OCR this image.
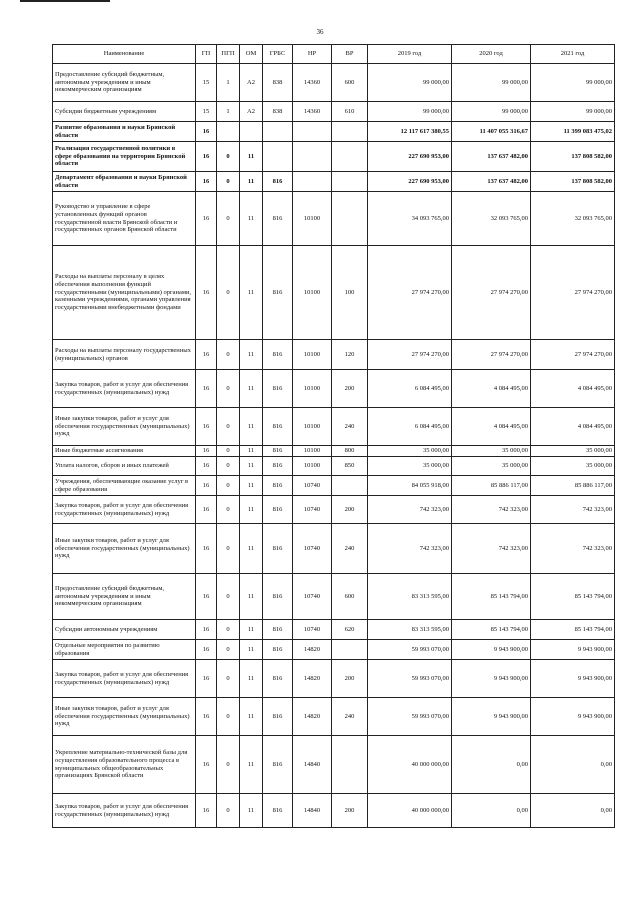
36
Наименование	ГП	ПГП	ОМ	ГРБС	НР	ВР	2019 год	2020 год	2021 год
Предоставление субсидий бюджетным, автономным учреждениям и иным некоммерческим организациям	15	1	А2	838	14360	600	99 000,00	99 000,00	99 000,00
Субсидии бюджетным учреждениям	15	1	А2	838	14360	610	99 000,00	99 000,00	99 000,00
Развитие образования и науки Брянской области	16						12 117 617 380,55	11 407 055 316,67	11 399 083 475,02
Реализация государственной политики в сфере образования на территории Брянской области	16	0	11				227 690 953,00	137 637 482,00	137 808 582,00
Департамент образования и науки Брянской области	16	0	11	816			227 690 953,00	137 637 482,00	137 808 582,00
Руководство и управление в сфере установленных функций органов государственной власти Брянской области и государственных органов Брянской области	16	0	11	816	10100		34 093 765,00	32 093 765,00	32 093 765,00
Расходы на выплаты персоналу в целях обеспечения выполнения функций государственными (муниципальными) органами, казенными учреждениями, органами управления государственными внебюджетными фондами	16	0	11	816	10100	100	27 974 270,00	27 974 270,00	27 974 270,00
Расходы на выплаты персоналу государственных (муниципальных) органов	16	0	11	816	10100	120	27 974 270,00	27 974 270,00	27 974 270,00
Закупка товаров, работ и услуг для обеспечения государственных (муниципальных) нужд	16	0	11	816	10100	200	6 084 495,00	4 084 495,00	4 084 495,00
Иные закупки товаров, работ и услуг для обеспечения государственных (муниципальных) нужд	16	0	11	816	10100	240	6 084 495,00	4 084 495,00	4 084 495,00
Иные бюджетные ассигнования	16	0	11	816	10100	800	35 000,00	35 000,00	35 000,00
Уплата налогов, сборов и иных платежей	16	0	11	816	10100	850	35 000,00	35 000,00	35 000,00
Учреждения, обеспечивающие оказание услуг в сфере образования	16	0	11	816	10740		84 055 918,00	85 886 117,00	85 886 117,00
Закупка товаров, работ и услуг для обеспечения государственных (муниципальных) нужд	16	0	11	816	10740	200	742 323,00	742 323,00	742 323,00
Иные закупки товаров, работ и услуг для обеспечения государственных (муниципальных) нужд	16	0	11	816	10740	240	742 323,00	742 323,00	742 323,00
Предоставление субсидий бюджетным, автономным учреждениям и иным некоммерческим организациям	16	0	11	816	10740	600	83 313 595,00	85 143 794,00	85 143 794,00
Субсидии автономным учреждениям	16	0	11	816	10740	620	83 313 595,00	85 143 794,00	85 143 794,00
Отдельные мероприятия по развитию образования	16	0	11	816	14820		59 993 070,00	9 943 900,00	9 943 900,00
Закупка товаров, работ и услуг для обеспечения государственных (муниципальных) нужд	16	0	11	816	14820	200	59 993 070,00	9 943 900,00	9 943 900,00
Иные закупки товаров, работ и услуг для обеспечения государственных (муниципальных) нужд	16	0	11	816	14820	240	59 993 070,00	9 943 900,00	9 943 900,00
Укрепление материально-технической базы для осуществления образовательного процесса в муниципальных общеобразовательных организациях Брянской области	16	0	11	816	14840		40 000 000,00	0,00	0,00
Закупка товаров, работ и услуг для обеспечения государственных (муниципальных) нужд	16	0	11	816	14840	200	40 000 000,00	0,00	0,00
